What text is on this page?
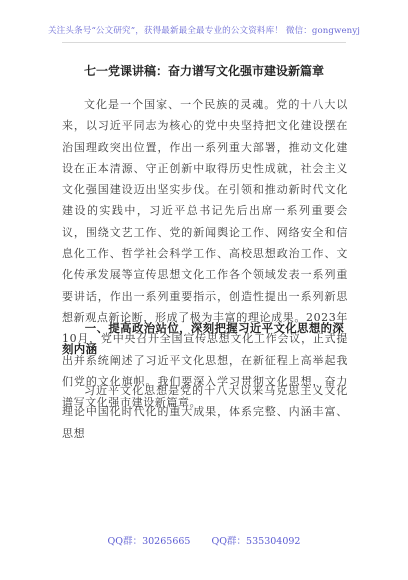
关注头条号“公文研究”，获得最新最全最专业的公文资料库！ 微信：gongwenyj
七一党课讲稿：奋力谱写文化强市建设新篇章

文化是一个国家、一个民族的灵魂。党的十八大以来，以习近平同志为核心的党中央坚持把文化建设摆在治国理政突出位置，作出一系列重大部署，推动文化建设在正本清源、守正创新中取得历史性成就，社会主义文化强国建设迈出坚实步伐。在引领和推动新时代文化建设的实践中，习近平总书记先后出席一系列重要会议，围绕文艺工作、党的新闻舆论工作、网络安全和信息化工作、哲学社会科学工作、高校思想政治工作、文化传承发展等宣传思想文化工作各个领域发表一系列重要讲话，作出一系列重要指示，创造性提出一系列新思想新观点新论断，形成了极为丰富的理论成果。2023年10月，党中央召开全国宣传思想文化工作会议，正式提出并系统阐述了习近平文化思想，在新征程上高举起我们党的文化旗帜。我们要深入学习贯彻文化思想，奋力谱写文化强市建设新篇章。

一、提高政治站位，深刻把握习近平文化思想的深刻内涵

习近平文化思想是党的十八大以来马克思主义文化理论中国化时代化的重大成果，体系完整、内涵丰富、思想

QQ群：30265665 QQ群：535304092
